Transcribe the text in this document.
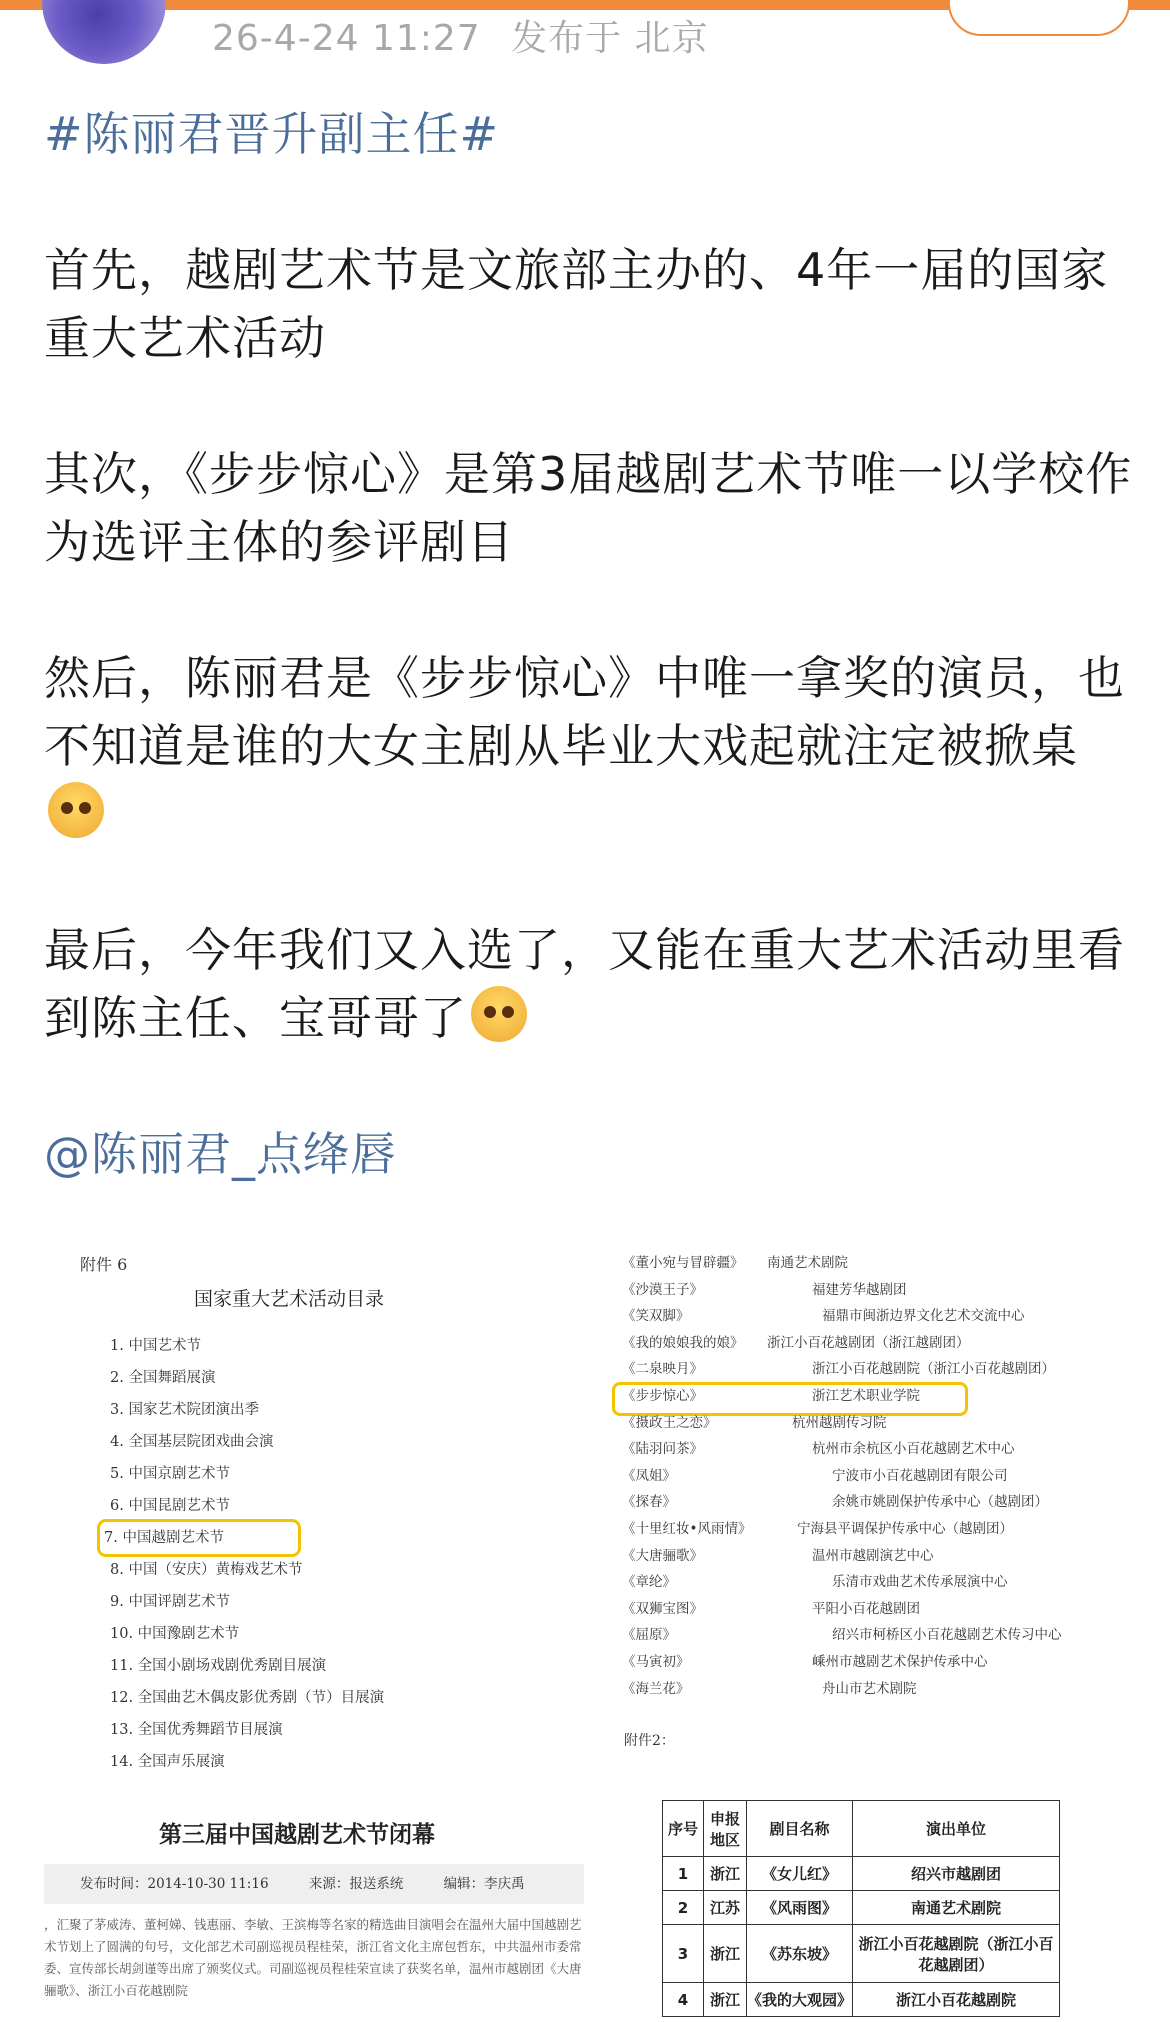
26-4-24 11:27 发布于 北京

#陈丽君晋升副主任#

首先，越剧艺术节是文旅部主办的、4年一届的国家重大艺术活动

其次，《步步惊心》是第3届越剧艺术节唯一以学校作为选评主体的参评剧目

然后，陈丽君是《步步惊心》中唯一拿奖的演员，也不知道是谁的大女主剧从毕业大戏起就注定被掀桌

最后，今年我们又入选了，又能在重大艺术活动里看到陈主任、宝哥哥了

@陈丽君_点绛唇

附件 6
国家重大艺术活动目录
1. 中国艺术节
2. 全国舞蹈展演
3. 国家艺术院团演出季
4. 全国基层院团戏曲会演
5. 中国京剧艺术节
6. 中国昆剧艺术节
7. 中国越剧艺术节
8. 中国（安庆）黄梅戏艺术节
9. 中国评剧艺术节
10. 中国豫剧艺术节
11. 全国小剧场戏剧优秀剧目展演
12. 全国曲艺木偶皮影优秀剧（节）目展演
13. 全国优秀舞蹈节目展演
14. 全国声乐展演
第三届中国越剧艺术节闭幕
发布时间：2014-10-30 11:16	来源：报送系统	编辑：李庆禹
，汇聚了茅威涛、董柯娣、钱惠丽、李敏、王滨梅等名家的精选曲目演唱会在温州大届中国越剧艺术节划上了圆满的句号，文化部艺术司副巡视员程桂荣，浙江省文化主席包哲东，中共温州市委常委、宣传部长胡剑谨等出席了颁奖仪式。司副巡视员程桂荣宣读了获奖名单，温州市越剧团《大唐骊歌》、浙江小百花越剧院
《董小宛与冒辟疆》 南通艺术剧院
《沙漠王子》	福建芳华越剧团
《笑双脚》	福鼎市闽浙边界文化艺术交流中心
《我的娘娘我的娘》 浙江小百花越剧团（浙江越剧团）
《二泉映月》	浙江小百花越剧院（浙江小百花越剧团）
《步步惊心》	浙江艺术职业学院
《摄政王之恋》	杭州越剧传习院
《陆羽问茶》	杭州市余杭区小百花越剧艺术中心
《凤姐》	宁波市小百花越剧团有限公司
《探春》	余姚市姚剧保护传承中心（越剧团）
《十里红妆•风雨情》	宁海县平调保护传承中心（越剧团）
《大唐骊歌》	温州市越剧演艺中心
《章纶》	乐清市戏曲艺术传承展演中心
《双狮宝图》	平阳小百花越剧团
《屈原》	绍兴市柯桥区小百花越剧艺术传习中心
《马寅初》	嵊州市越剧艺术保护传承中心
《海兰花》	舟山市艺术剧院
附件2：
序号	申报地区	剧目名称	演出单位
1	浙江	《女儿红》	绍兴市越剧团
2	江苏	《风雨图》	南通艺术剧院
3	浙江	《苏东坡》	浙江小百花越剧院（浙江小百花越剧团）
4	浙江	《我的大观园》	浙江小百花越剧院
